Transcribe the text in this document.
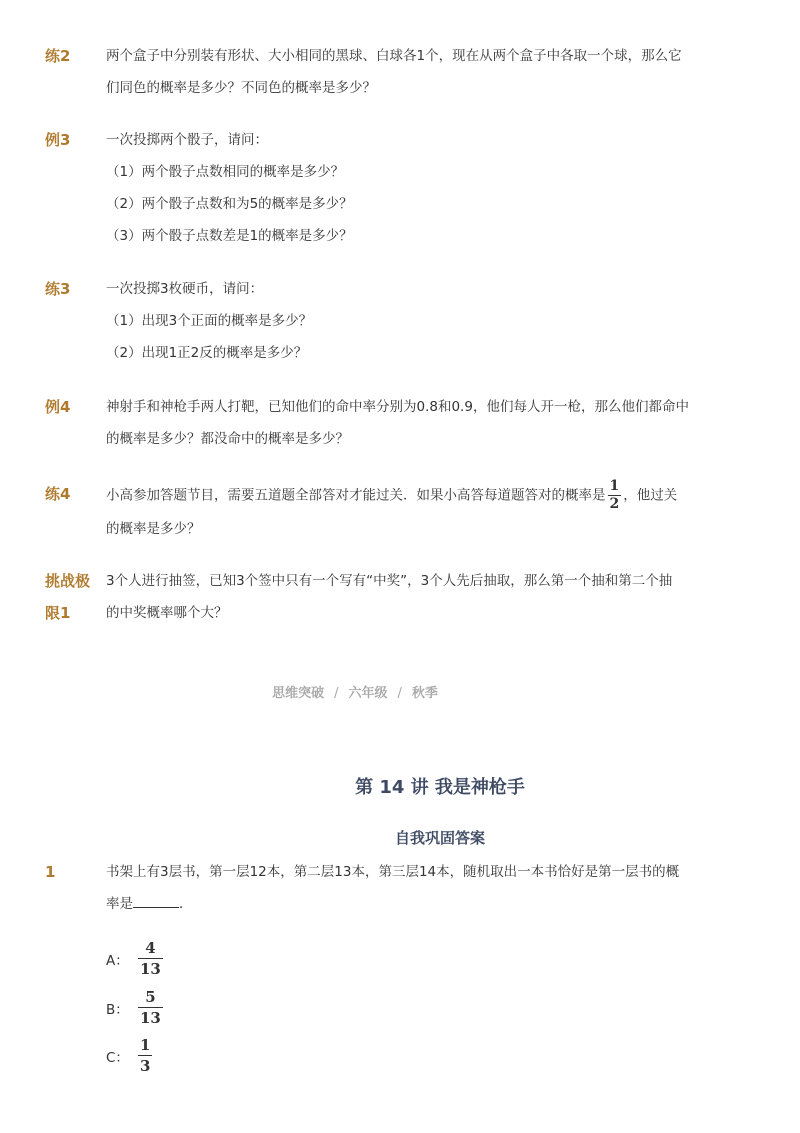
练2	两个盒子中分别装有形状、大小相同的黑球、白球各1个，现在从两个盒子中各取一个球，那么它
们同色的概率是多少？不同色的概率是多少？
例3	一次投掷两个骰子，请问：
（1）两个骰子点数相同的概率是多少？
（2）两个骰子点数和为5的概率是多少？
（3）两个骰子点数差是1的概率是多少？
练3	一次投掷3枚硬币，请问：
（1）出现3个正面的概率是多少？
（2）出现1正2反的概率是多少？
例4	神射手和神枪手两人打靶，已知他们的命中率分别为0.8和0.9，他们每人开一枪，那么他们都命中
的概率是多少？都没命中的概率是多少？
练4	小高参加答题节目，需要五道题全部答对才能过关．如果小高答每道题答对的概率是 $\frac{1}{2}$ ，他过关
的概率是多少？
挑战极
限1
3个人进行抽签，已知3个签中只有一个写有“中奖”，3个人先后抽取，那么第一个抽和第二个抽
的中奖概率哪个大？
思维突破 / 六年级 / 秋季
第 14 讲 我是神枪手
自我巩固答案
1	书架上有3层书，第一层12本，第二层13本，第三层14本，随机取出一本书恰好是第一层书的概
率是	．
A： $\frac{4}{13}$
B： $\frac{5}{13}$
C： $\frac{1}{3}$
